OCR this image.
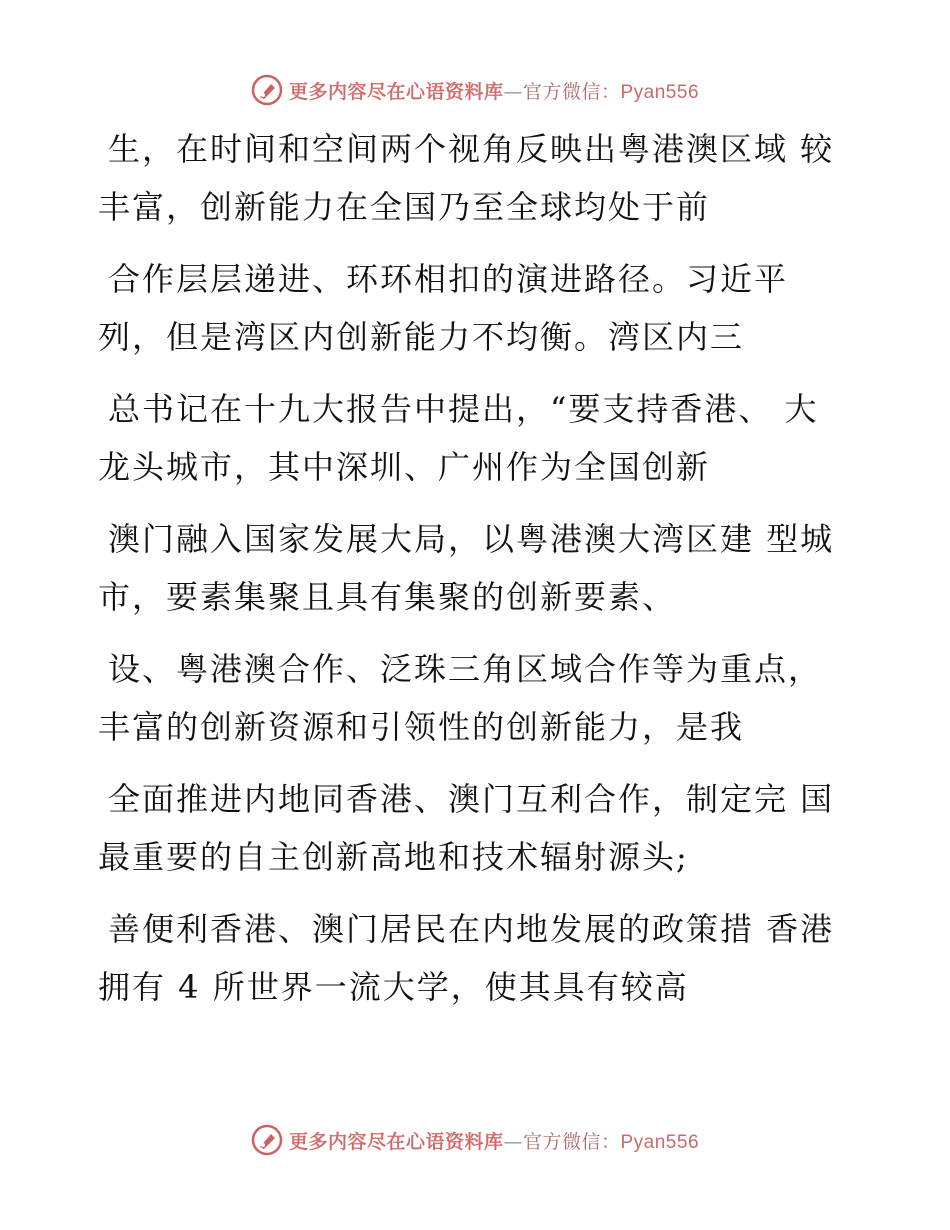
更多内容尽在心语资料库—官方微信：Pyan556
生，在时间和空间两个视角反映出粤港澳区域 较
丰富，创新能力在全国乃至全球均处于前
合作层层递进、环环相扣的演进路径。习近平
列，但是湾区内创新能力不均衡。湾区内三
总书记在十九大报告中提出，“要支持香港、 大
龙头城市，其中深圳、广州作为全国创新
澳门融入国家发展大局，以粤港澳大湾区建 型城
市，要素集聚且具有集聚的创新要素、
设、粤港澳合作、泛珠三角区域合作等为重点，
丰富的创新资源和引领性的创新能力，是我
全面推进内地同香港、澳门互利合作，制定完 国
最重要的自主创新高地和技术辐射源头;
善便利香港、澳门居民在内地发展的政策措 香港
拥有 4 所世界一流大学，使其具有较高
更多内容尽在心语资料库—官方微信：Pyan556
